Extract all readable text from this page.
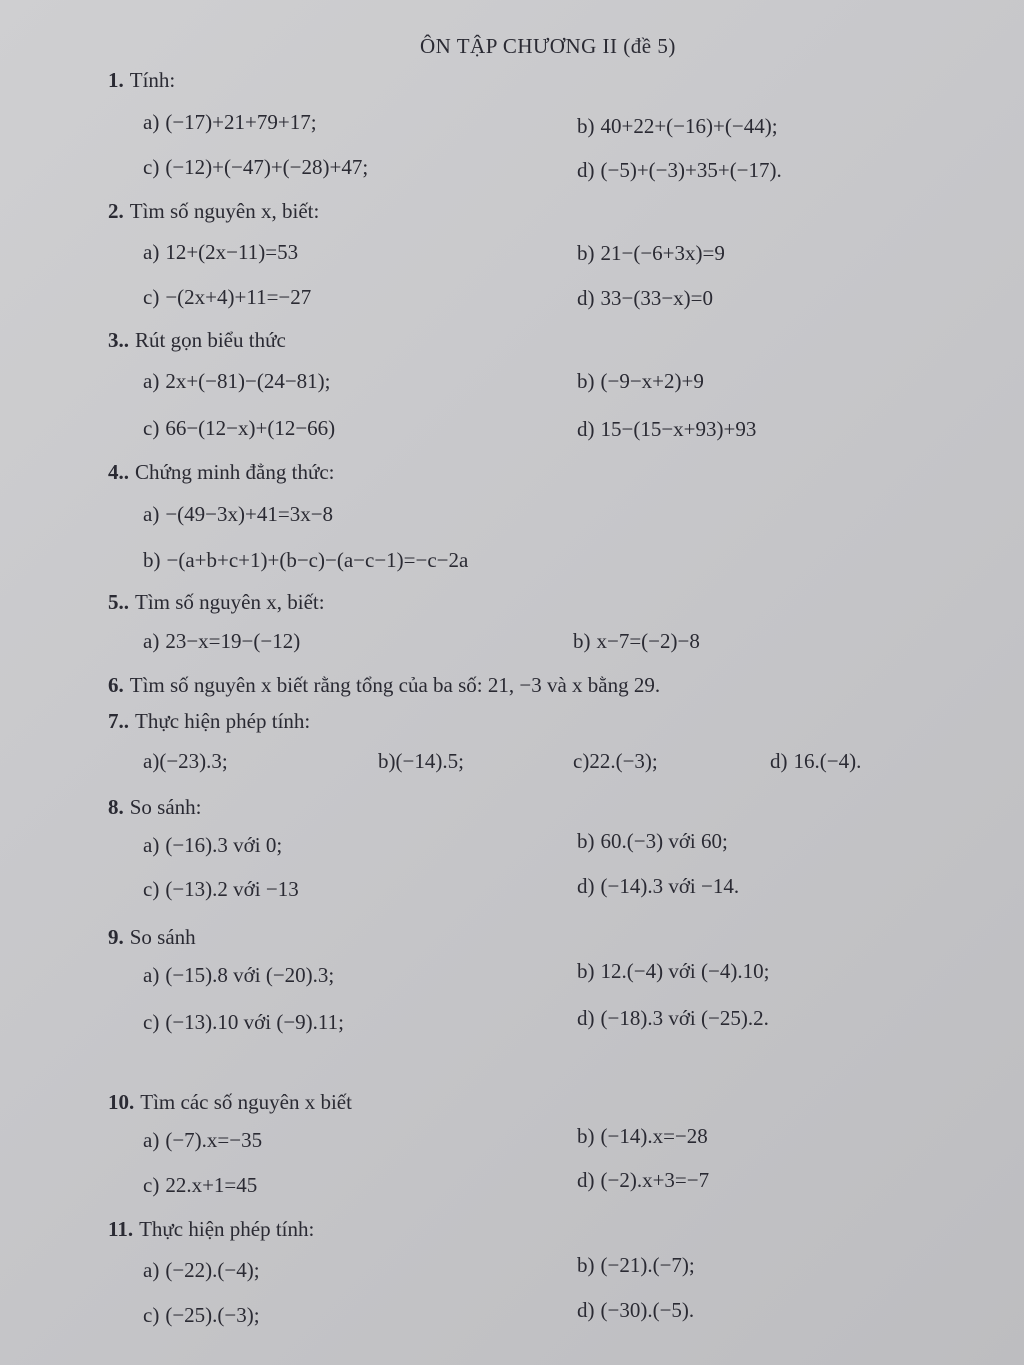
ÔN TẬP CHƯƠNG II (đề 5)
1. Tính:
a) (−17)+21+79+17;	b) 40+22+(−16)+(−44);
c) (−12)+(−47)+(−28)+47;	d) (−5)+(−3)+35+(−17).
2. Tìm số nguyên x, biết:
a) 12+(2x−11)=53	b) 21−(−6+3x)=9
c) −(2x+4)+11=−27	d) 33−(33−x)=0
3.. Rút gọn biểu thức
a) 2x+(−81)−(24−81);	b) (−9−x+2)+9
c) 66−(12−x)+(12−66)	d) 15−(15−x+93)+93
4.. Chứng minh đẳng thức:
a) −(49−3x)+41=3x−8
b) −(a+b+c+1)+(b−c)−(a−c−1)=−c−2a
5.. Tìm số nguyên x, biết:
a) 23−x=19−(−12)	b) x−7=(−2)−8
6. Tìm số nguyên x biết rằng tổng của ba số: 21, −3 và x bằng 29.
7.. Thực hiện phép tính:
a)(−23).3;	b)(−14).5;	c)22.(−3);	d) 16.(−4).
8. So sánh:
a) (−16).3 với 0;	b) 60.(−3) với 60;
c) (−13).2 với −13	d) (−14).3 với −14.
9. So sánh
a) (−15).8 với (−20).3;	b) 12.(−4) với (−4).10;
c) (−13).10 với (−9).11;	d) (−18).3 với (−25).2.
10. Tìm các số nguyên x biết
a) (−7).x=−35	b) (−14).x=−28
c) 22.x+1=45	d) (−2).x+3=−7
11. Thực hiện phép tính:
a) (−22).(−4);	b) (−21).(−7);
c) (−25).(−3);	d) (−30).(−5).
